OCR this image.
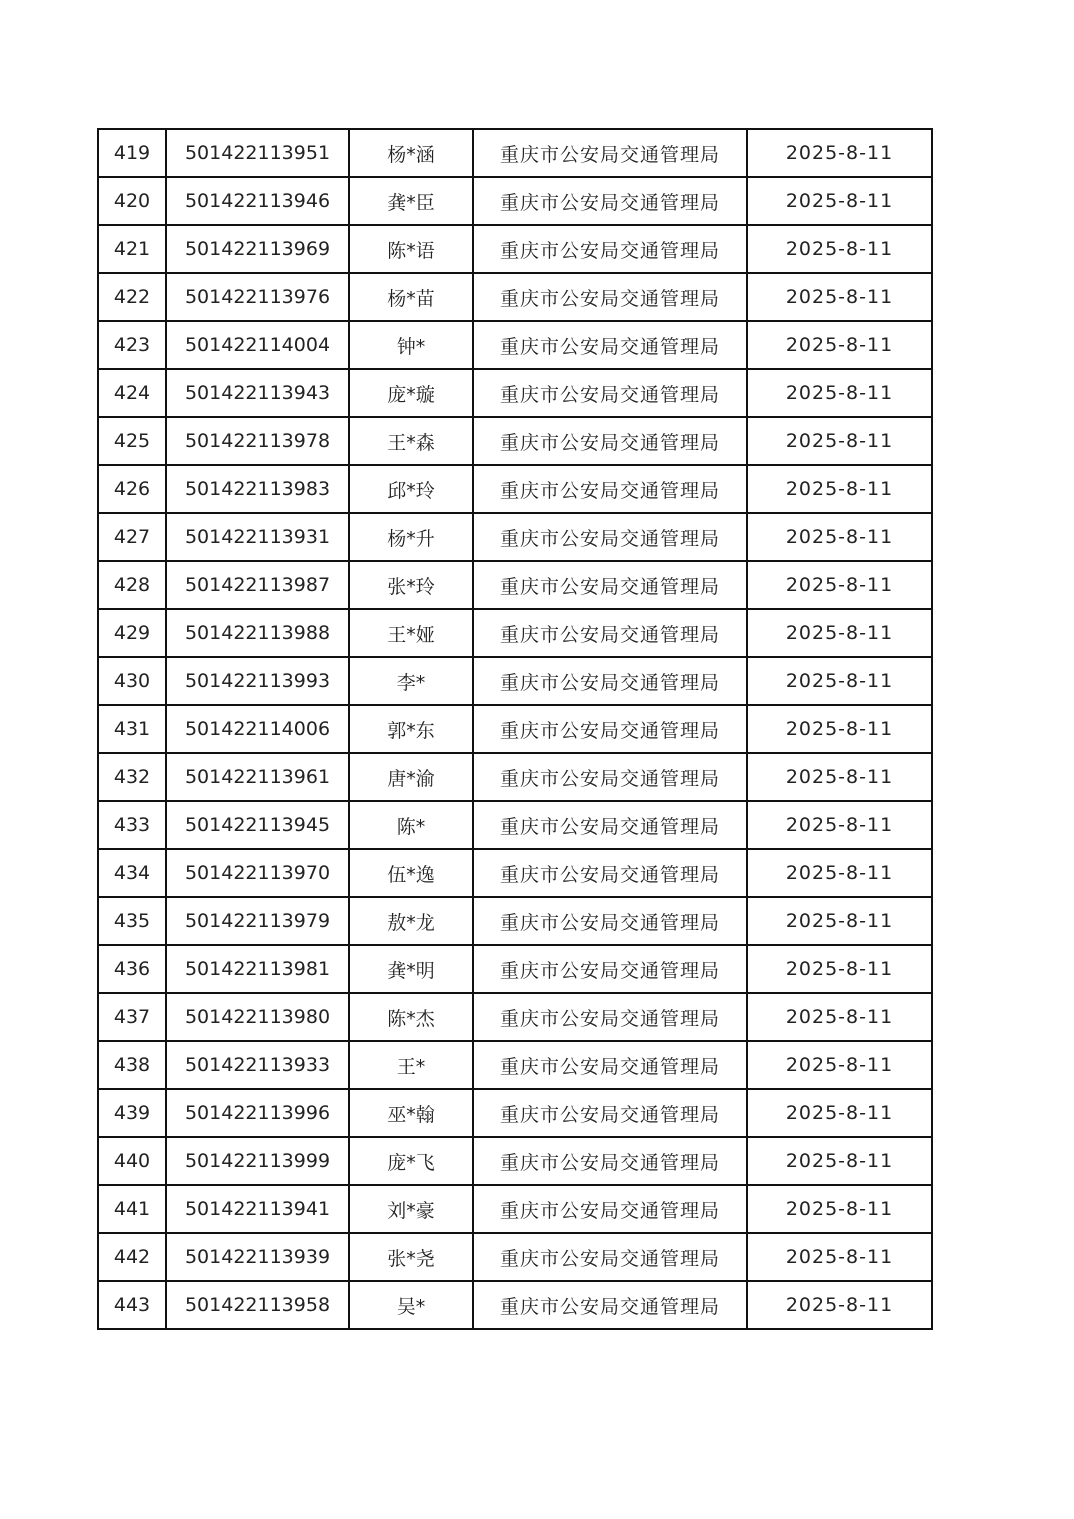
419	501422113951	杨*涵	重庆市公安局交通管理局	2025-8-11
420	501422113946	龚*臣	重庆市公安局交通管理局	2025-8-11
421	501422113969	陈*语	重庆市公安局交通管理局	2025-8-11
422	501422113976	杨*苗	重庆市公安局交通管理局	2025-8-11
423	501422114004	钟*	重庆市公安局交通管理局	2025-8-11
424	501422113943	庞*璇	重庆市公安局交通管理局	2025-8-11
425	501422113978	王*森	重庆市公安局交通管理局	2025-8-11
426	501422113983	邱*玲	重庆市公安局交通管理局	2025-8-11
427	501422113931	杨*升	重庆市公安局交通管理局	2025-8-11
428	501422113987	张*玲	重庆市公安局交通管理局	2025-8-11
429	501422113988	王*娅	重庆市公安局交通管理局	2025-8-11
430	501422113993	李*	重庆市公安局交通管理局	2025-8-11
431	501422114006	郭*东	重庆市公安局交通管理局	2025-8-11
432	501422113961	唐*渝	重庆市公安局交通管理局	2025-8-11
433	501422113945	陈*	重庆市公安局交通管理局	2025-8-11
434	501422113970	伍*逸	重庆市公安局交通管理局	2025-8-11
435	501422113979	敖*龙	重庆市公安局交通管理局	2025-8-11
436	501422113981	龚*明	重庆市公安局交通管理局	2025-8-11
437	501422113980	陈*杰	重庆市公安局交通管理局	2025-8-11
438	501422113933	王*	重庆市公安局交通管理局	2025-8-11
439	501422113996	巫*翰	重庆市公安局交通管理局	2025-8-11
440	501422113999	庞*飞	重庆市公安局交通管理局	2025-8-11
441	501422113941	刘*豪	重庆市公安局交通管理局	2025-8-11
442	501422113939	张*尧	重庆市公安局交通管理局	2025-8-11
443	501422113958	吴*	重庆市公安局交通管理局	2025-8-11
